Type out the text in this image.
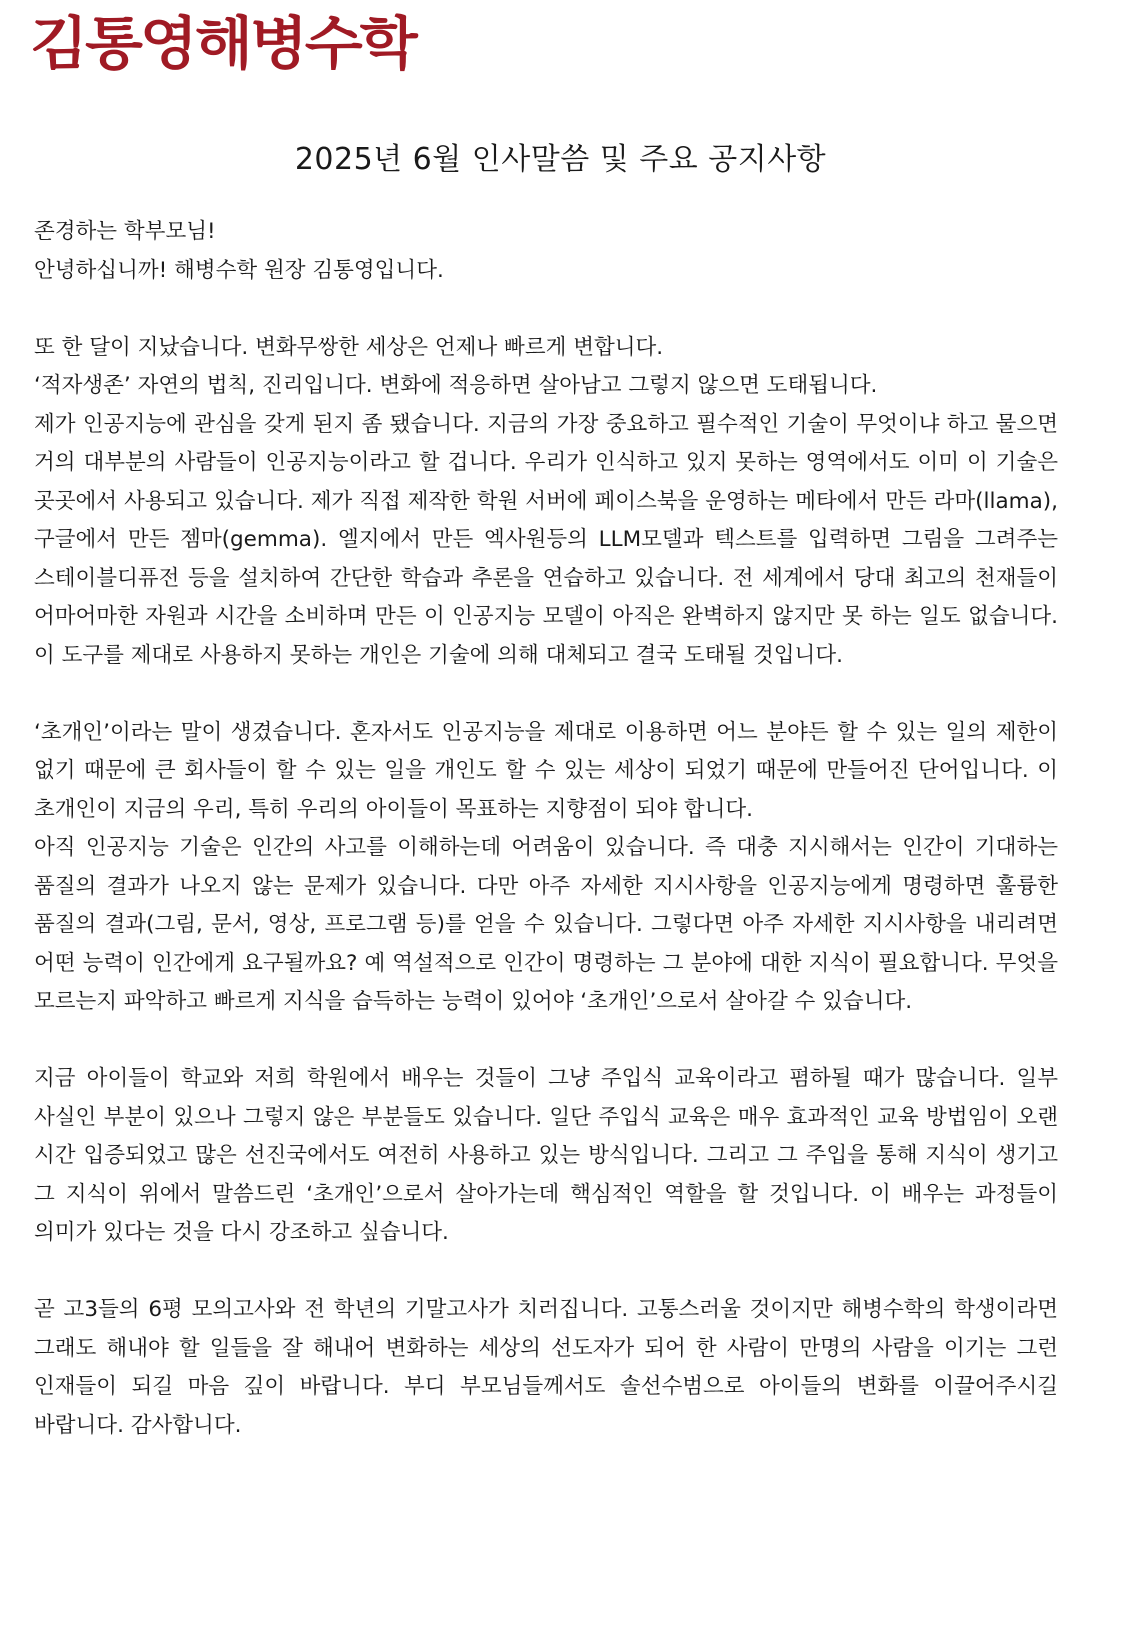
김통영해병수학
2025년 6월 인사말씀 및 주요 공지사항

존경하는 학부모님!

안녕하십니까! 해병수학 원장 김통영입니다.

또 한 달이 지났습니다. 변화무쌍한 세상은 언제나 빠르게 변합니다.

‘적자생존’ 자연의 법칙, 진리입니다. 변화에 적응하면 살아남고 그렇지 않으면 도태됩니다.

제가 인공지능에 관심을 갖게 된지 좀 됐습니다. 지금의 가장 중요하고 필수적인 기술이 무엇이냐 하고 물으면 거의 대부분의 사람들이 인공지능이라고 할 겁니다. 우리가 인식하고 있지 못하는 영역에서도 이미 이 기술은 곳곳에서 사용되고 있습니다. 제가 직접 제작한 학원 서버에 페이스북을 운영하는 메타에서 만든 라마(llama), 구글에서 만든 젬마(gemma). 엘지에서 만든 엑사원등의 LLM모델과 텍스트를 입력하면 그림을 그려주는 스테이블디퓨전 등을 설치하여 간단한 학습과 추론을 연습하고 있습니다. 전 세계에서 당대 최고의 천재들이 어마어마한 자원과 시간을 소비하며 만든 이 인공지능 모델이 아직은 완벽하지 않지만 못 하는 일도 없습니다. 이 도구를 제대로 사용하지 못하는 개인은 기술에 의해 대체되고 결국 도태될 것입니다.

‘초개인’이라는 말이 생겼습니다. 혼자서도 인공지능을 제대로 이용하면 어느 분야든 할 수 있는 일의 제한이 없기 때문에 큰 회사들이 할 수 있는 일을 개인도 할 수 있는 세상이 되었기 때문에 만들어진 단어입니다. 이 초개인이 지금의 우리, 특히 우리의 아이들이 목표하는 지향점이 되야 합니다.

아직 인공지능 기술은 인간의 사고를 이해하는데 어려움이 있습니다. 즉 대충 지시해서는 인간이 기대하는 품질의 결과가 나오지 않는 문제가 있습니다. 다만 아주 자세한 지시사항을 인공지능에게 명령하면 훌륭한 품질의 결과(그림, 문서, 영상, 프로그램 등)를 얻을 수 있습니다. 그렇다면 아주 자세한 지시사항을 내리려면 어떤 능력이 인간에게 요구될까요? 예 역설적으로 인간이 명령하는 그 분야에 대한 지식이 필요합니다. 무엇을 모르는지 파악하고 빠르게 지식을 습득하는 능력이 있어야 ‘초개인’으로서 살아갈 수 있습니다.

지금 아이들이 학교와 저희 학원에서 배우는 것들이 그냥 주입식 교육이라고 폄하될 때가 많습니다. 일부 사실인 부분이 있으나 그렇지 않은 부분들도 있습니다. 일단 주입식 교육은 매우 효과적인 교육 방법임이 오랜 시간 입증되었고 많은 선진국에서도 여전히 사용하고 있는 방식입니다. 그리고 그 주입을 통해 지식이 생기고 그 지식이 위에서 말씀드린 ‘초개인’으로서 살아가는데 핵심적인 역할을 할 것입니다. 이 배우는 과정들이 의미가 있다는 것을 다시 강조하고 싶습니다.

곧 고3들의 6평 모의고사와 전 학년의 기말고사가 치러집니다. 고통스러울 것이지만 해병수학의 학생이라면 그래도 해내야 할 일들을 잘 해내어 변화하는 세상의 선도자가 되어 한 사람이 만명의 사람을 이기는 그런 인재들이 되길 마음 깊이 바랍니다. 부디 부모님들께서도 솔선수범으로 아이들의 변화를 이끌어주시길 바랍니다. 감사합니다.
